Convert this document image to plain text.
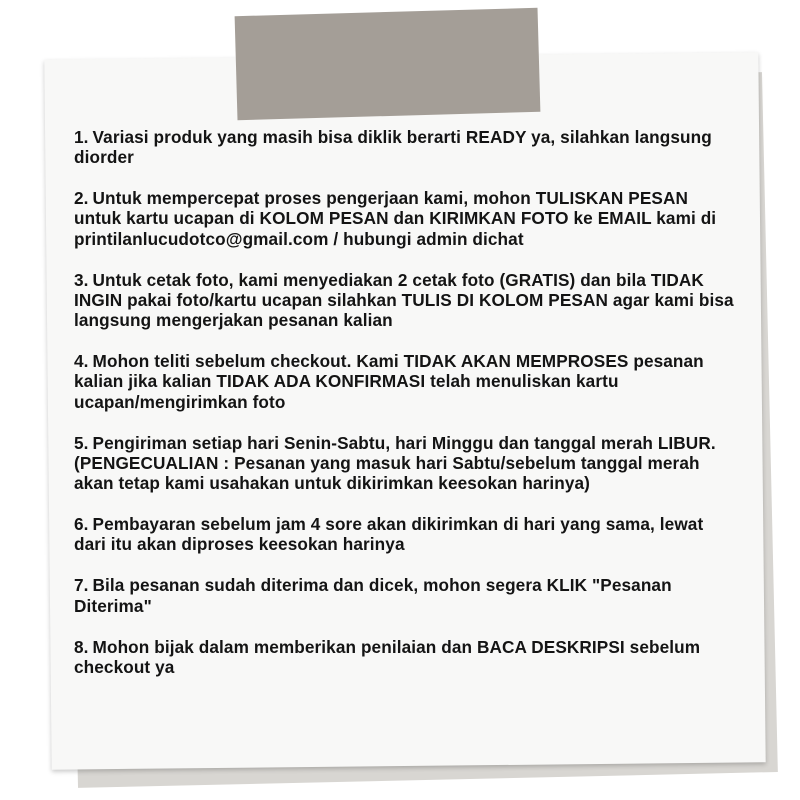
1. Variasi produk yang masih bisa diklik berarti READY ya, silahkan langsung diorder
2. Untuk mempercepat proses pengerjaan kami, mohon TULISKAN PESAN untuk kartu ucapan di KOLOM PESAN dan KIRIMKAN FOTO ke EMAIL kami di printilanlucudotco@gmail.com / hubungi admin dichat
3. Untuk cetak foto, kami menyediakan 2 cetak foto (GRATIS) dan bila TIDAK INGIN pakai foto/kartu ucapan silahkan TULIS DI KOLOM PESAN agar kami bisa langsung mengerjakan pesanan kalian
4. Mohon teliti sebelum checkout. Kami TIDAK AKAN MEMPROSES pesanan kalian jika kalian TIDAK ADA KONFIRMASI telah menuliskan kartu ucapan/mengirimkan foto
5. Pengiriman setiap hari Senin-Sabtu, hari Minggu dan tanggal merah LIBUR. (PENGECUALIAN : Pesanan yang masuk hari Sabtu/sebelum tanggal merah akan tetap kami usahakan untuk dikirimkan keesokan harinya)
6. Pembayaran sebelum jam 4 sore akan dikirimkan di hari yang sama, lewat dari itu akan diproses keesokan harinya
7. Bila pesanan sudah diterima dan dicek, mohon segera KLIK "Pesanan Diterima"
8. Mohon bijak dalam memberikan penilaian dan BACA DESKRIPSI sebelum checkout ya
